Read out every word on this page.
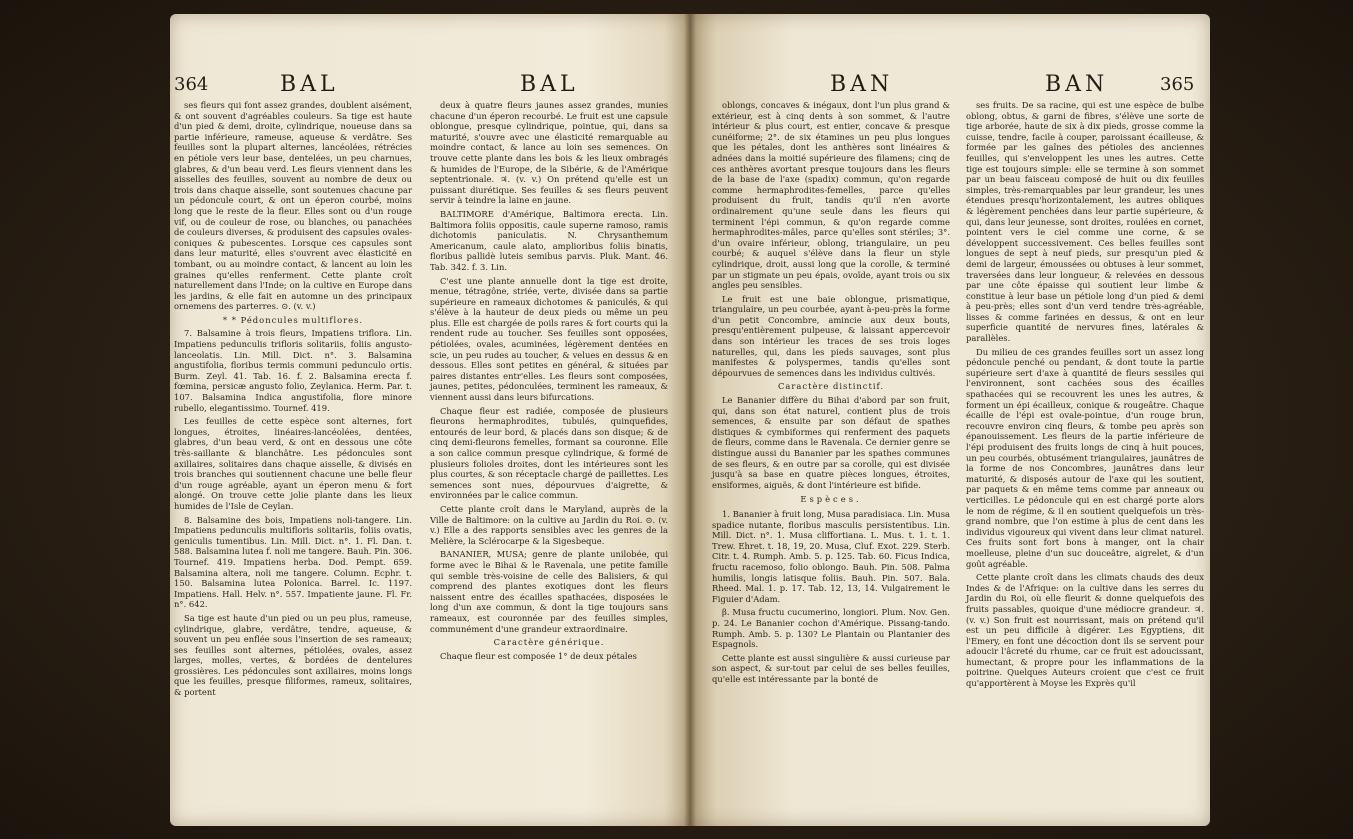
364	BAL	BAL

ses fleurs qui font assez grandes, doublent aisément, & ont souvent d'agréables couleurs. Sa tige est haute d'un pied & demi, droite, cylindrique, noueuse dans sa partie inférieure, rameuse, aqueuse & verdâtre. Ses feuilles sont la plupart alternes, lancéolées, rétrécies en pétiole vers leur base, dentelées, un peu charnues, glabres, & d'un beau verd. Les fleurs viennent dans les aisselles des feuilles, souvent au nombre de deux ou trois dans chaque aisselle, sont soutenues chacune par un pédoncule court, & ont un éperon courbé, moins long que le reste de la fleur. Elles sont ou d'un rouge vif, ou de couleur de rose, ou blanches, ou panachées de couleurs diverses, & produisent des capsules ovales-coniques & pubescentes. Lorsque ces capsules sont dans leur maturité, elles s'ouvrent avec élasticité en tombant, ou au moindre contact, & lancent au loin les graines qu'elles renferment. Cette plante croît naturellement dans l'Inde; on la cultive en Europe dans les jardins, & elle fait en automne un des principaux ornemens des parterres. ⊙. (v. v.)

* * Pédoncules multiflores.

7. Balsamine à trois fleurs, Impatiens triflora. Lin. Impatiens pedunculis trifloris solitariis, foliis angusto-lanceolatis. Lin. Mill. Dict. n°. 3. Balsamina angustifolia, floribus termis communi pedunculo ortis. Burm. Zeyl. 41. Tab. 16. f. 2. Balsamina erecta f. fœmina, persicæ angusto folio, Zeylanica. Herm. Par. t. 107. Balsamina Indica angustifolia, flore minore rubello, elegantissimo. Tournef. 419.

Les feuilles de cette espèce sont alternes, fort longues, étroites, linéaires-lancéolées, dentées, glabres, d'un beau verd, & ont en dessous une côte très-saillante & blanchâtre. Les pédoncules sont axillaires, solitaires dans chaque aisselle, & divisés en trois branches qui soutiennent chacune une belle fleur d'un rouge agréable, ayant un éperon menu & fort alongé. On trouve cette jolie plante dans les lieux humides de l'Isle de Ceylan.

8. Balsamine des bois, Impatiens noli-tangere. Lin. Impatiens pedunculis multifloris solitariis, foliis ovatis, geniculis tumentibus. Lin. Mill. Dict. n°. 1. Fl. Dan. t. 588. Balsamina lutea f. noli me tangere. Bauh. Pin. 306. Tournef. 419. Impatiens herba. Dod. Pempt. 659. Balsamina altera, noli me tangere. Column. Ecphr. t. 150. Balsamina lutea Polonica. Barrel. Ic. 1197. Impatiens. Hall. Helv. n°. 557. Impatiente jaune. Fl. Fr. n°. 642.

Sa tige est haute d'un pied ou un peu plus, rameuse, cylindrique, glabre, verdâtre, tendre, aqueuse, & souvent un peu enflée sous l'insertion de ses rameaux; ses feuilles sont alternes, pétiolées, ovales, assez larges, molles, vertes, & bordées de dentelures grossières. Les pédoncules sont axillaires, moins longs que les feuilles, presque filiformes, rameux, solitaires, & portent

deux à quatre fleurs jaunes assez grandes, munies chacune d'un éperon recourbé. Le fruit est une capsule oblongue, presque cylindrique, pointue, qui, dans sa maturité, s'ouvre avec une élasticité remarquable au moindre contact, & lance au loin ses semences. On trouve cette plante dans les bois & les lieux ombragés & humides de l'Europe, de la Sibérie, & de l'Amérique septentrionale. ♃. (v. v.) On prétend qu'elle est un puissant diurétique. Ses feuilles & ses fleurs peuvent servir à teindre la laine en jaune.

BALTIMORE d'Amérique, Baltimora erecta. Lin. Baltimora foliis oppositis, caule superne ramoso, ramis dichotomis paniculatis. N. Chrysanthemum Americanum, caule alato, amplioribus foliis binatis, floribus pallidè luteis semibus parvis. Pluk. Mant. 46. Tab. 342. f. 3. Lin.

C'est une plante annuelle dont la tige est droite, menue, tétragône, striée, verte, divisée dans sa partie supérieure en rameaux dichotomes & paniculés, & qui s'élève à la hauteur de deux pieds ou même un peu plus. Elle est chargée de poils rares & fort courts qui la rendent rude au toucher. Ses feuilles sont opposées, pétiolées, ovales, acuminées, légèrement dentées en scie, un peu rudes au toucher, & velues en dessus & en dessous. Elles sont petites en général, & situées par paires distantes entr'elles. Les fleurs sont composées, jaunes, petites, pédonculées, terminent les rameaux, & viennent aussi dans leurs bifurcations.

Chaque fleur est radiée, composée de plusieurs fleurons hermaphrodites, tubulés, quinquefides, entourés de leur bord, & placés dans son disque; & de cinq demi-fleurons femelles, formant sa couronne. Elle a son calice commun presque cylindrique, & formé de plusieurs folioles droites, dont les intérieures sont les plus courtes, & son réceptacle chargé de paillettes. Les semences sont nues, dépourvues d'aigrette, & environnées par le calice commun.

Cette plante croît dans le Maryland, auprès de la Ville de Baltimore: on la cultive au Jardin du Roi. ⊙. (v. v.) Elle a des rapports sensibles avec les genres de la Melière, la Sclérocarpe & la Sigesbeque.

BANANIER, MUSA; genre de plante unilobée, qui forme avec le Bihai & le Ravenala, une petite famille qui semble très-voisine de celle des Balisiers, & qui comprend des plantes exotiques dont les fleurs naissent entre des écailles spathacées, disposées le long d'un axe commun, & dont la tige toujours sans rameaux, est couronnée par des feuilles simples, communément d'une grandeur extraordinaire.

Caractère générique.

Chaque fleur est composée 1° de deux pétales

BAN	BAN	365

oblongs, concaves & inégaux, dont l'un plus grand & extérieur, est à cinq dents à son sommet, & l'autre intérieur & plus court, est entier, concave & presque cunéiforme; 2°. de six étamines un peu plus longues que les pétales, dont les anthères sont linéaires & adnées dans la moitié supérieure des filamens; cinq de ces anthères avortant presque toujours dans les fleurs de la base de l'axe (spadix) commun, qu'on regarde comme hermaphrodites-femelles, parce qu'elles produisent du fruit, tandis qu'il n'en avorte ordinairement qu'une seule dans les fleurs qui terminent l'épi commun, & qu'on regarde comme hermaphrodites-mâles, parce qu'elles sont stériles; 3°. d'un ovaire inférieur, oblong, triangulaire, un peu courbé; & auquel s'élève dans la fleur un style cylindrique, droit, aussi long que la corolle, & terminé par un stigmate un peu épais, ovoïde, ayant trois ou six angles peu sensibles.

Le fruit est une baie oblongue, prismatique, triangulaire, un peu courbée, ayant à-peu-près la forme d'un petit Concombre, amincie aux deux bouts, presqu'entièrement pulpeuse, & laissant appercevoir dans son intérieur les traces de ses trois loges naturelles, qui, dans les pieds sauvages, sont plus manifestes & polyspermes, tandis qu'elles sont dépourvues de semences dans les individus cultivés.

Caractère distinctif.

Le Bananier diffère du Bihai d'abord par son fruit, qui, dans son état naturel, contient plus de trois semences, & ensuite par son défaut de spathes distiques & cymbiformes qui renferment des paquets de fleurs, comme dans le Ravenala. Ce dernier genre se distingue aussi du Bananier par les spathes communes de ses fleurs, & en outre par sa corolle, qui est divisée jusqu'à sa base en quatre pièces longues, étroites, ensiformes, aiguës, & dont l'intérieure est bifide.

Espèces.

1. Bananier à fruit long, Musa paradisiaca. Lin. Musa spadice nutante, floribus masculis persistentibus. Lin. Mill. Dict. n°. 1. Musa cliffortiana. L. Mus. t. 1. t. 1. Trew. Ehret. t. 18, 19, 20. Musa, Cluf. Exot. 229. Sterb. Citr. t. 4. Rumph. Amb. 5. p. 125. Tab. 60. Ficus Indica, fructu racemoso, folio oblongo. Bauh. Pin. 508. Palma humilis, longis latisque foliis. Bauh. Pin. 507. Bala. Rheed. Mal. 1. p. 17. Tab. 12, 13, 14. Vulgairement le Figuier d'Adam.

β. Musa fructu cucumerino, longiori. Plum. Nov. Gen. p. 24. Le Bananier cochon d'Amérique. Pissang-tando. Rumph. Amb. 5. p. 130? Le Plantain ou Plantanier des Espagnols.

Cette plante est aussi singulière & aussi curieuse par son aspect, & sur-tout par celui de ses belles feuilles, qu'elle est intéressante par la bonté de

ses fruits. De sa racine, qui est une espèce de bulbe oblong, obtus, & garni de fibres, s'élève une sorte de tige arborée, haute de six à dix pieds, grosse comme la cuisse, tendre, facile à couper, paroissant écailleuse, & formée par les gaînes des pétioles des anciennes feuilles, qui s'enveloppent les unes les autres. Cette tige est toujours simple: elle se termine à son sommet par un beau faisceau composé de huit ou dix feuilles simples, très-remarquables par leur grandeur, les unes étendues presqu'horizontalement, les autres obliques & légèrement penchées dans leur partie supérieure, & qui, dans leur jeunesse, sont droites, roulées en cornet, pointent vers le ciel comme une corne, & se développent successivement. Ces belles feuilles sont longues de sept à neuf pieds, sur presqu'un pied & demi de largeur, émoussées ou obtuses à leur sommet, traversées dans leur longueur, & relevées en dessous par une côte épaisse qui soutient leur limbe & constitue à leur base un pétiole long d'un pied & demi à peu-près; elles sont d'un verd tendre très-agréable, lisses & comme farinées en dessus, & ont en leur superficie quantité de nervures fines, latérales & parallèles.

Du milieu de ces grandes feuilles sort un assez long pédoncule penché ou pendant, & dont toute la partie supérieure sert d'axe à quantité de fleurs sessiles qui l'environnent, sont cachées sous des écailles spathacées qui se recouvrent les unes les autres, & forment un épi écailleux, conique & rougeâtre. Chaque écaille de l'épi est ovale-pointue, d'un rouge brun, recouvre environ cinq fleurs, & tombe peu après son épanouissement. Les fleurs de la partie inférieure de l'épi produisent des fruits longs de cinq à huit pouces, un peu courbés, obtusément triangulaires, jaunâtres de la forme de nos Concombres, jaunâtres dans leur maturité, & disposés autour de l'axe qui les soutient, par paquets & en même tems comme par anneaux ou verticilles. Le pédoncule qui en est chargé porte alors le nom de régime, & il en soutient quelquefois un très-grand nombre, que l'on estime à plus de cent dans les individus vigoureux qui vivent dans leur climat naturel. Ces fruits sont fort bons à manger, ont la chair moelleuse, pleine d'un suc douceâtre, aigrelet, & d'un goût agréable.

Cette plante croît dans les climats chauds des deux Indes & de l'Afrique: on la cultive dans les serres du Jardin du Roi, où elle fleurit & donne quelquefois des fruits passables, quoique d'une médiocre grandeur. ♃. (v. v.) Son fruit est nourrissant, mais on prétend qu'il est un peu difficile à digérer. Les Egyptiens, dit l'Emery, en font une décoction dont ils se servent pour adoucir l'âcreté du rhume, car ce fruit est adoucissant, humectant, & propre pour les inflammations de la poitrine. Quelques Auteurs croient que c'est ce fruit qu'apportèrent à Moyse les Exprès qu'il
